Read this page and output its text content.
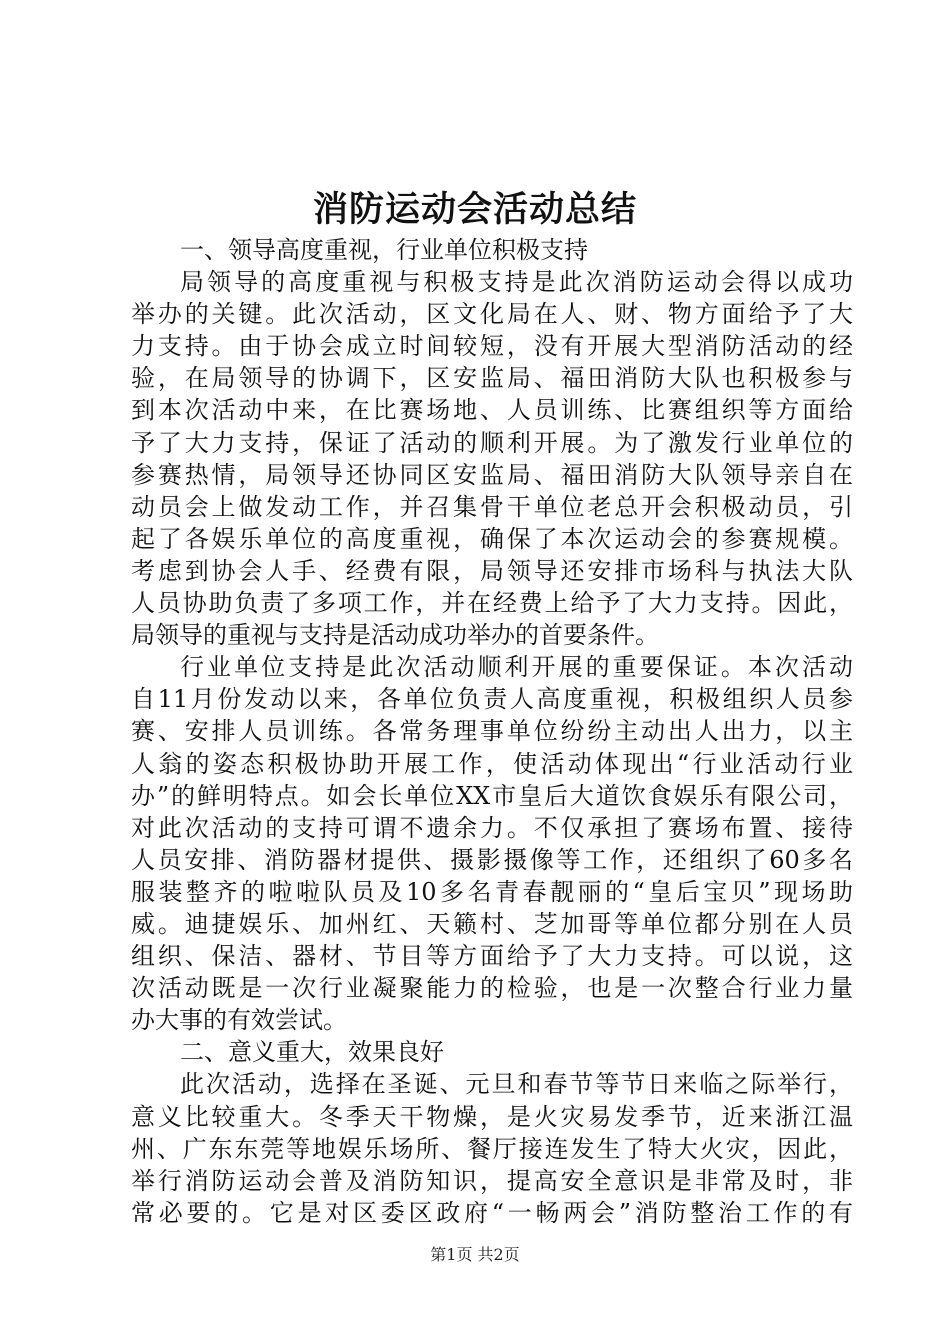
消防运动会活动总结
一、领导高度重视，行业单位积极支持
局领导的高度重视与积极支持是此次消防运动会得以成功
举办的关键。此次活动，区文化局在人、财、物方面给予了大
力支持。由于协会成立时间较短，没有开展大型消防活动的经
验，在局领导的协调下，区安监局、福田消防大队也积极参与
到本次活动中来，在比赛场地、人员训练、比赛组织等方面给
予了大力支持，保证了活动的顺利开展。为了激发行业单位的
参赛热情，局领导还协同区安监局、福田消防大队领导亲自在
动员会上做发动工作，并召集骨干单位老总开会积极动员，引
起了各娱乐单位的高度重视，确保了本次运动会的参赛规模。
考虑到协会人手、经费有限，局领导还安排市场科与执法大队
人员协助负责了多项工作，并在经费上给予了大力支持。因此，
局领导的重视与支持是活动成功举办的首要条件。
行业单位支持是此次活动顺利开展的重要保证。本次活动
自11月份发动以来，各单位负责人高度重视，积极组织人员参
赛、安排人员训练。各常务理事单位纷纷主动出人出力，以主
人翁的姿态积极协助开展工作，使活动体现出“行业活动行业
办”的鲜明特点。如会长单位XX市皇后大道饮食娱乐有限公司，
对此次活动的支持可谓不遗余力。不仅承担了赛场布置、接待
人员安排、消防器材提供、摄影摄像等工作，还组织了60多名
服装整齐的啦啦队员及10多名青春靓丽的“皇后宝贝”现场助
威。迪捷娱乐、加州红、天籁村、芝加哥等单位都分别在人员
组织、保洁、器材、节目等方面给予了大力支持。可以说，这
次活动既是一次行业凝聚能力的检验，也是一次整合行业力量
办大事的有效尝试。
二、意义重大，效果良好
此次活动，选择在圣诞、元旦和春节等节日来临之际举行，
意义比较重大。冬季天干物燥，是火灾易发季节，近来浙江温
州、广东东莞等地娱乐场所、餐厅接连发生了特大火灾，因此，
举行消防运动会普及消防知识，提高安全意识是非常及时，非
常必要的。它是对区委区政府“一畅两会”消防整治工作的有
第1页 共2页
